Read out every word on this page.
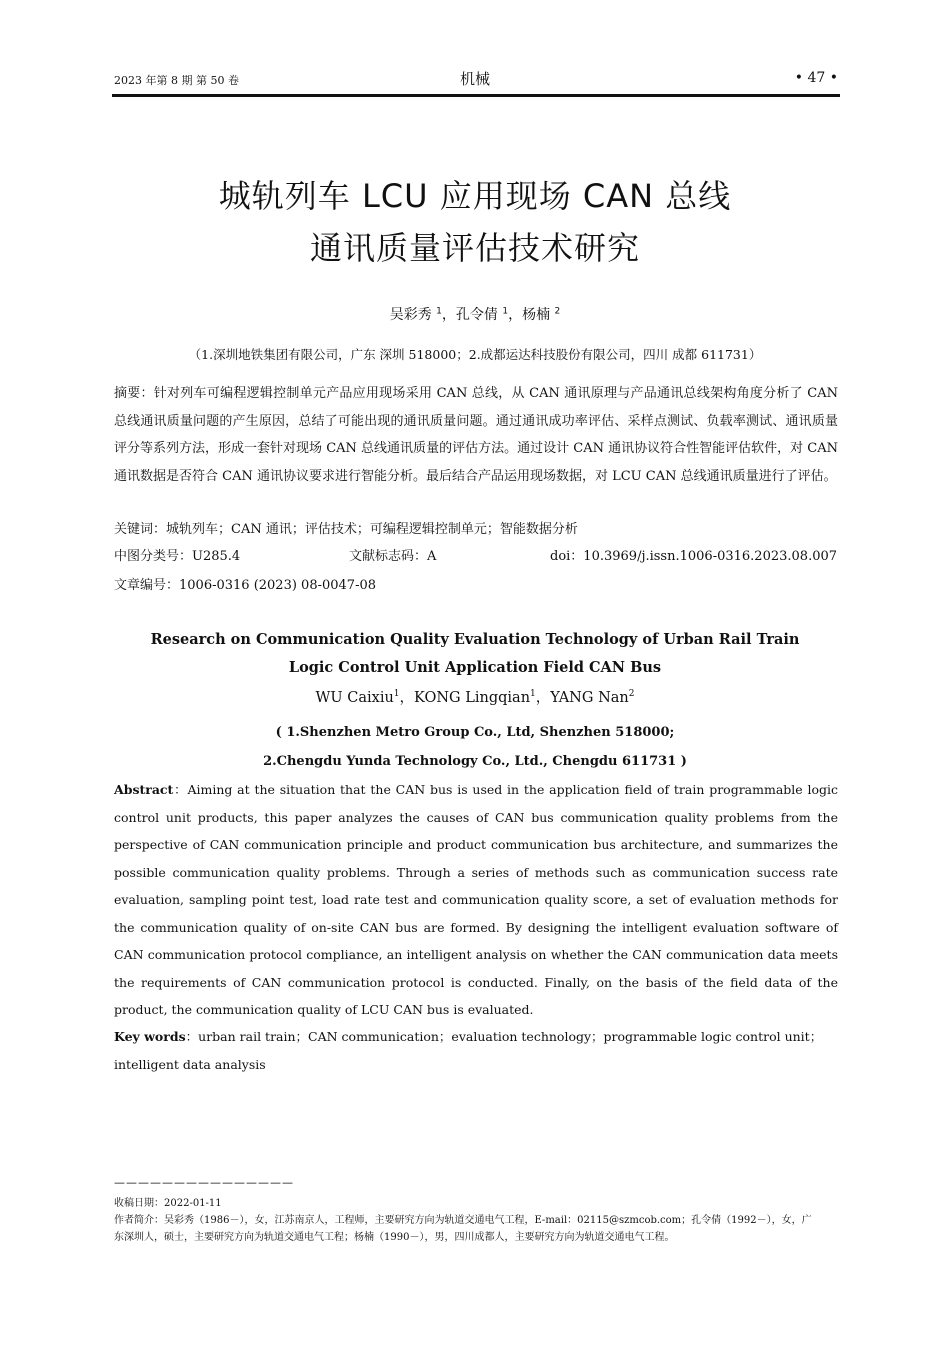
2023 年第 8 期 第 50 卷	机械	• 47 •
城轨列车 LCU 应用现场 CAN 总线
通讯质量评估技术研究
吴彩秀 $^1$，孔令倩 $^1$，杨楠 $^2$
（1.深圳地铁集团有限公司，广东 深圳 518000；2.成都运达科技股份有限公司，四川 成都 611731）
摘要：针对列车可编程逻辑控制单元产品应用现场采用 CAN 总线，从 CAN 通讯原理与产品通讯总线架构角度分析了 CAN 总线通讯质量问题的产生原因，总结了可能出现的通讯质量问题。通过通讯成功率评估、采样点测试、负载率测试、通讯质量评分等系列方法，形成一套针对现场 CAN 总线通讯质量的评估方法。通过设计 CAN 通讯协议符合性智能评估软件，对 CAN 通讯数据是否符合 CAN 通讯协议要求进行智能分析。最后结合产品运用现场数据，对 LCU CAN 总线通讯质量进行了评估。
关键词：城轨列车；CAN 通讯；评估技术；可编程逻辑控制单元；智能数据分析
中图分类号：U285.4	文献标志码：A	doi：10.3969/j.issn.1006-0316.2023.08.007
文章编号：1006-0316 (2023) 08-0047-08
Research on Communication Quality Evaluation Technology of Urban Rail Train
Logic Control Unit Application Field CAN Bus
WU Caixiu$^1$，KONG Lingqian$^1$，YANG Nan$^2$
( 1.Shenzhen Metro Group Co., Ltd, Shenzhen 518000;
2.Chengdu Yunda Technology Co., Ltd., Chengdu 611731 )
Abstract：Aiming at the situation that the CAN bus is used in the application field of train programmable logic control unit products, this paper analyzes the causes of CAN bus communication quality problems from the perspective of CAN communication principle and product communication bus architecture, and summarizes the possible communication quality problems. Through a series of methods such as communication success rate evaluation, sampling point test, load rate test and communication quality score, a set of evaluation methods for the communication quality of on-site CAN bus are formed. By designing the intelligent evaluation software of CAN communication protocol compliance, an intelligent analysis on whether the CAN communication data meets the requirements of CAN communication protocol is conducted. Finally, on the basis of the field data of the product, the communication quality of LCU CAN bus is evaluated.
Key words：urban rail train；CAN communication；evaluation technology；programmable logic control unit；intelligent data analysis
———————————————
收稿日期：2022-01-11
作者简介：吴彩秀（1986－），女，江苏南京人，工程师，主要研究方向为轨道交通电气工程，E-mail：02115@szmcob.com；孔令倩（1992－），女，广东深圳人，硕士，主要研究方向为轨道交通电气工程；杨楠（1990－），男，四川成都人，主要研究方向为轨道交通电气工程。
